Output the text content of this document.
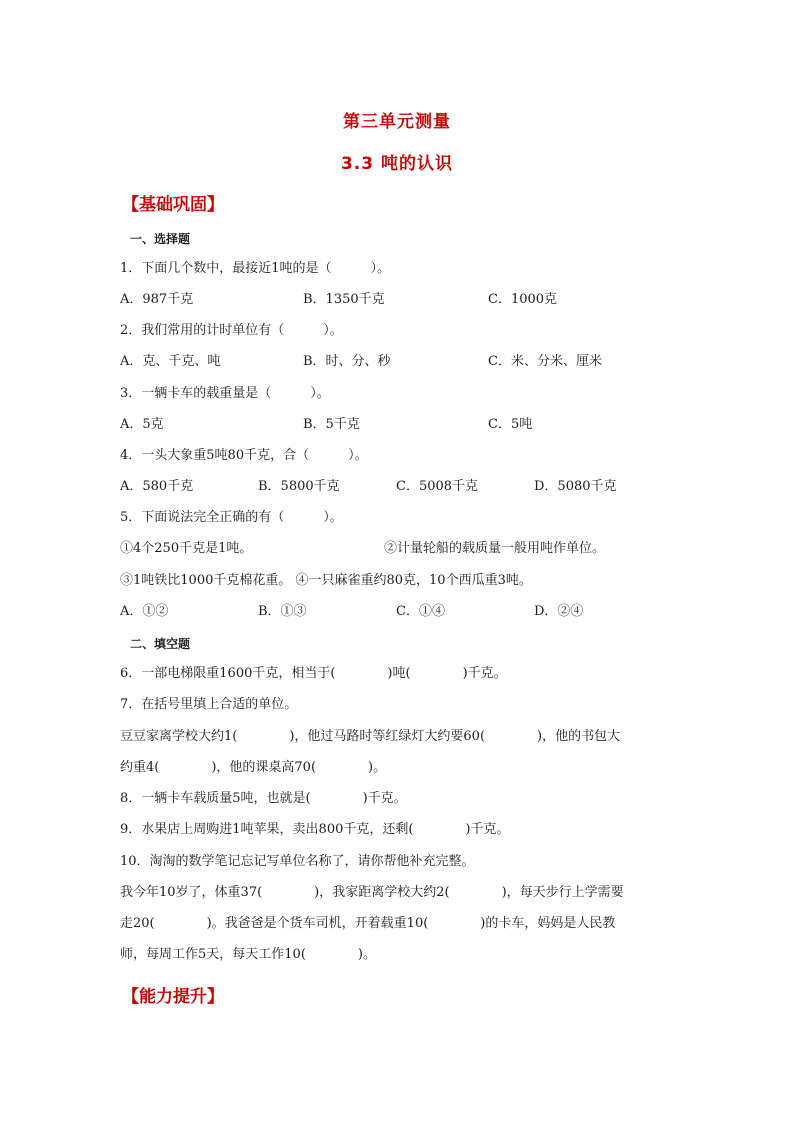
第三单元测量
3.3 吨的认识
【基础巩固】
一、选择题
1．下面几个数中，最接近1吨的是（　　　）。
A．987千克	B．1350千克	C．1000克
2．我们常用的计时单位有（　　　）。
A．克、千克、吨	B．时、分、秒	C．米、分米、厘米
3．一辆卡车的载重量是（　　　）。
A．5克	B．5千克	C．5吨
4．一头大象重5吨80千克，合（　　　）。
A．580千克	B．5800千克	C．5008千克	D．5080千克
5．下面说法完全正确的有（　　　）。
①4个250千克是1吨。	②计量轮船的载质量一般用吨作单位。
③1吨铁比1000千克棉花重。 ④一只麻雀重约80克，10个西瓜重3吨。
A．①②	B．①③	C．①④	D．②④
二、填空题
6．一部电梯限重1600千克，相当于(　　　　)吨(　　　　)千克。
7．在括号里填上合适的单位。
豆豆家离学校大约1(　　　　)，他过马路时等红绿灯大约要60(　　　　)，他的书包大
约重4(　　　　)，他的课桌高70(　　　　)。
8．一辆卡车载质量5吨，也就是(　　　　)千克。
9．水果店上周购进1吨苹果，卖出800千克，还剩(　　　　)千克。
10．淘淘的数学笔记忘记写单位名称了，请你帮他补充完整。
我今年10岁了，体重37(　　　　)，我家距离学校大约2(　　　　)，每天步行上学需要
走20(　　　　)。我爸爸是个货车司机，开着载重10(　　　　)的卡车，妈妈是人民教
师，每周工作5天，每天工作10(　　　　)。
【能力提升】
